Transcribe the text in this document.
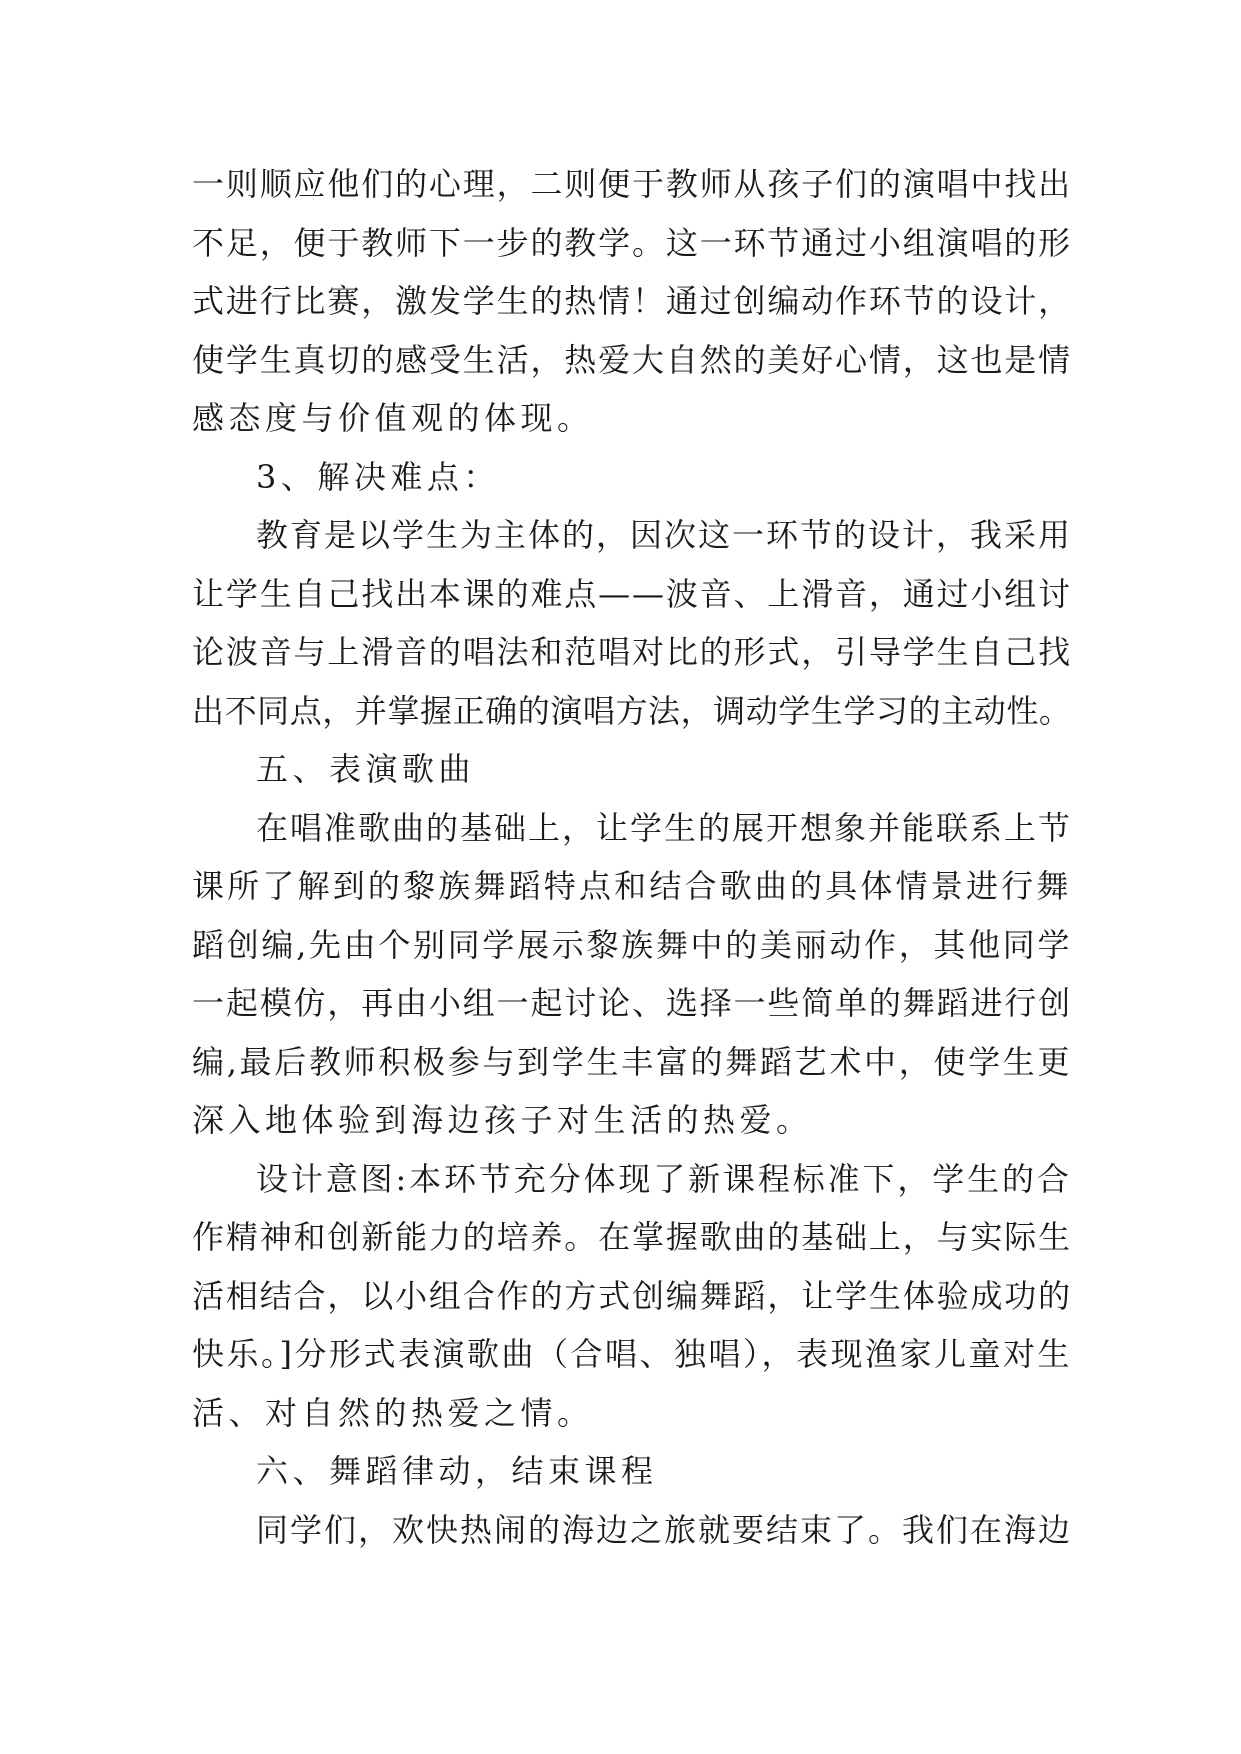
一则顺应他们的心理，二则便于教师从孩子们的演唱中找出
不足，便于教师下一步的教学。这一环节通过小组演唱的形
式进行比赛，激发学生的热情！通过创编动作环节的设计，
使学生真切的感受生活，热爱大自然的美好心情，这也是情
感态度与价值观的体现。
3、解决难点：
教育是以学生为主体的，因次这一环节的设计，我采用
让学生自己找出本课的难点——波音、上滑音，通过小组讨
论波音与上滑音的唱法和范唱对比的形式，引导学生自己找
出不同点，并掌握正确的演唱方法，调动学生学习的主动性。
五、表演歌曲
在唱准歌曲的基础上，让学生的展开想象并能联系上节
课所了解到的黎族舞蹈特点和结合歌曲的具体情景进行舞
蹈创编,先由个别同学展示黎族舞中的美丽动作，其他同学
一起模仿，再由小组一起讨论、选择一些简单的舞蹈进行创
编,最后教师积极参与到学生丰富的舞蹈艺术中，使学生更
深入地体验到海边孩子对生活的热爱。
设计意图:本环节充分体现了新课程标准下，学生的合
作精神和创新能力的培养。在掌握歌曲的基础上，与实际生
活相结合，以小组合作的方式创编舞蹈，让学生体验成功的
快乐。]分形式表演歌曲（合唱、独唱），表现渔家儿童对生
活、对自然的热爱之情。
六、舞蹈律动，结束课程
同学们，欢快热闹的海边之旅就要结束了。我们在海边
